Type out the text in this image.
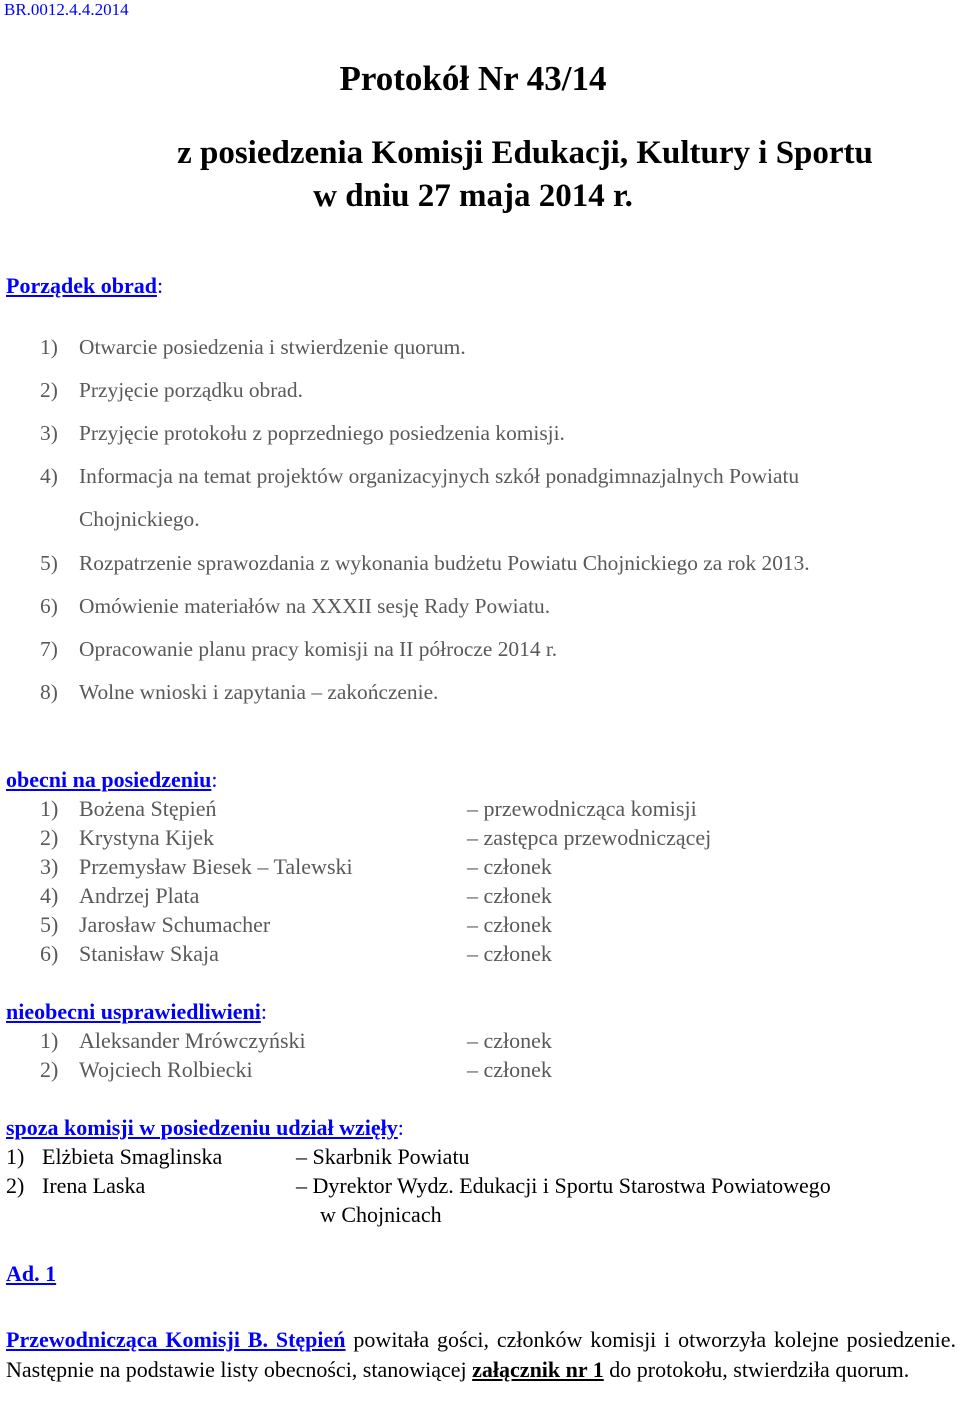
BR.0012.4.4.2014
Protokół Nr 43/14
z posiedzenia Komisji Edukacji, Kultury i Sportu
w dniu 27 maja 2014 r.
Porządek obrad:
1) Otwarcie posiedzenia i stwierdzenie quorum.
2) Przyjęcie porządku obrad.
3) Przyjęcie protokołu z poprzedniego posiedzenia komisji.
4) Informacja na temat projektów organizacyjnych szkół ponadgimnazjalnych Powiatu
Chojnickiego.
5) Rozpatrzenie sprawozdania z wykonania budżetu Powiatu Chojnickiego za rok 2013.
6) Omówienie materiałów na XXXII sesję Rady Powiatu.
7) Opracowanie planu pracy komisji na II półrocze 2014 r.
8) Wolne wnioski i zapytania – zakończenie.
obecni na posiedzeniu:
1) Bożena Stępień	– przewodnicząca komisji
2) Krystyna Kijek	– zastępca przewodniczącej
3) Przemysław Biesek – Talewski	– członek
4) Andrzej Plata	– członek
5) Jarosław Schumacher	– członek
6) Stanisław Skaja	– członek
nieobecni usprawiedliwieni:
1) Aleksander Mrówczyński	– członek
2) Wojciech Rolbiecki	– członek
spoza komisji w posiedzeniu udział wzięły:
1) Elżbieta Smaglinska	– Skarbnik Powiatu
2) Irena Laska	– Dyrektor Wydz. Edukacji i Sportu Starostwa Powiatowego
w Chojnicach
Ad. 1
Przewodnicząca Komisji B. Stępień powitała gości, członków komisji i otworzyła kolejne posiedzenie. Następnie na podstawie listy obecności, stanowiącej załącznik nr 1 do protokołu, stwierdziła quorum.
